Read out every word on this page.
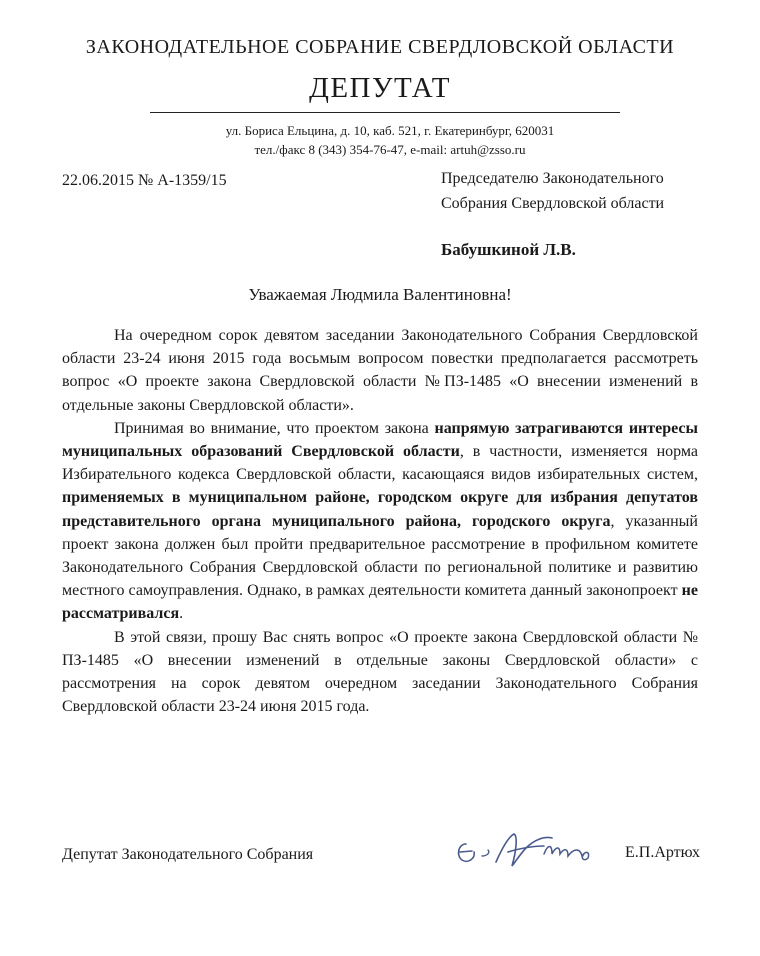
ЗАКОНОДАТЕЛЬНОЕ СОБРАНИЕ СВЕРДЛОВСКОЙ ОБЛАСТИ
ДЕПУТАТ
ул. Бориса Ельцина, д. 10, каб. 521, г. Екатеринбург, 620031
тел./факс 8 (343) 354-76-47, e-mail: artuh@zsso.ru
22.06.2015 № А-1359/15	Председателю Законодательного
Собрания Свердловской области
Бабушкиной Л.В.
Уважаемая Людмила Валентиновна!

На очередном сорок девятом заседании Законодательного Собрания Свердловской области 23-24 июня 2015 года восьмым вопросом повестки предполагается рассмотреть вопрос «О проекте закона Свердловской области №ПЗ-1485 «О внесении изменений в отдельные законы Свердловской области».

Принимая во внимание, что проектом закона напрямую затрагиваются интересы муниципальных образований Свердловской области, в частности, изменяется норма Избирательного кодекса Свердловской области, касающаяся видов избирательных систем, применяемых в муниципальном районе, городском округе для избрания депутатов представительного органа муниципального района, городского округа, указанный проект закона должен был пройти предварительное рассмотрение в профильном комитете Законодательного Собрания Свердловской области по региональной политике и развитию местного самоуправления. Однако, в рамках деятельности комитета данный законопроект не рассматривался.

В этой связи, прошу Вас снять вопрос «О проекте закона Свердловской области № ПЗ-1485 «О внесении изменений в отдельные законы Свердловской области» с рассмотрения на сорок девятом очередном заседании Законодательного Собрания Свердловской области 23-24 июня 2015 года.

Депутат Законодательного Собрания	Е.П.Артюх
